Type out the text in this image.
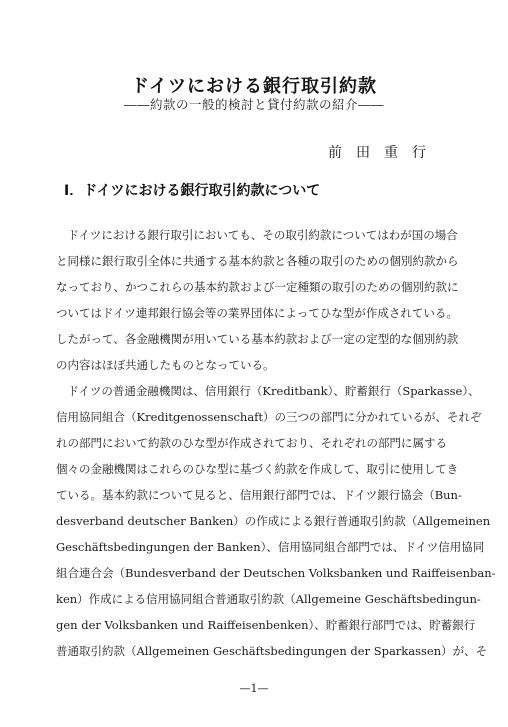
ドイツにおける銀行取引約款
――約款の一般的検討と貸付約款の紹介――
前田重行
Ⅰ．ドイツにおける銀行取引約款について
　ドイツにおける銀行取引においても、その取引約款についてはわが国の場合
と同様に銀行取引全体に共通する基本約款と各種の取引のための個別約款から
なっており、かつこれらの基本約款および一定種類の取引のための個別約款に
ついてはドイツ連邦銀行協会等の業界団体によってひな型が作成されている。
したがって、各金融機関が用いている基本約款および一定の定型的な個別約款
の内容はほぼ共通したものとなっている。
　ドイツの普通金融機関は、信用銀行（Kreditbank）、貯蓄銀行（Sparkasse）、
信用協同組合（Kreditgenossenschaft）の三つの部門に分かれているが、それぞ
れの部門において約款のひな型が作成されており、それぞれの部門に属する
個々の金融機関はこれらのひな型に基づく約款を作成して、取引に使用してき
ている。基本約款について見ると、信用銀行部門では、ドイツ銀行協会（Bun-
desverband deutscher Banken）の作成による銀行普通取引約款（Allgemeinen
Geschäftsbedingungen der Banken）、信用協同組合部門では、ドイツ信用協同
組合連合会（Bundesverband der Deutschen Volksbanken und Raiffeisenban-
ken）作成による信用協同組合普通取引約款（Allgemeine Geschäftsbedingun-
gen der Volksbanken und Raiffeisenbenken）、貯蓄銀行部門では、貯蓄銀行
普通取引約款（Allgemeinen Geschäftsbedingungen der Sparkassen）が、そ
—1—
